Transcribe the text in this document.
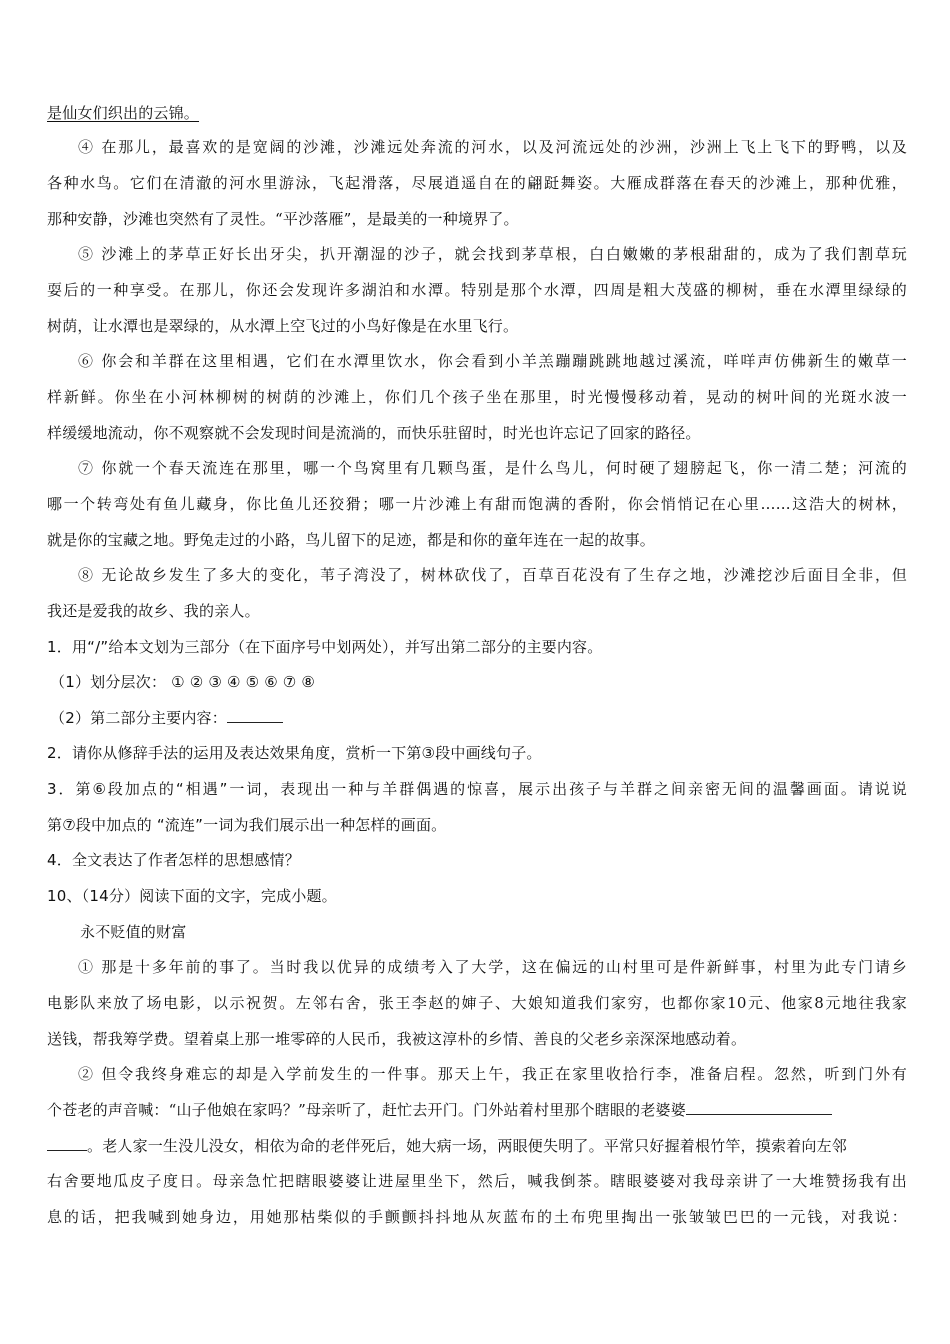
是仙女们织出的云锦。
④ 在那儿，最喜欢的是宽阔的沙滩，沙滩远处奔流的河水，以及河流远处的沙洲，沙洲上飞上飞下的野鸭，以及
各种水鸟。它们在清澈的河水里游泳，飞起滑落，尽展逍遥自在的翩跹舞姿。大雁成群落在春天的沙滩上，那种优雅，
那种安静，沙滩也突然有了灵性。“平沙落雁”，是最美的一种境界了。
⑤ 沙滩上的茅草正好长出牙尖，扒开潮湿的沙子，就会找到茅草根，白白嫩嫩的茅根甜甜的，成为了我们割草玩
耍后的一种享受。在那儿，你还会发现许多湖泊和水潭。特别是那个水潭，四周是粗大茂盛的柳树，垂在水潭里绿绿的
树荫，让水潭也是翠绿的，从水潭上空飞过的小鸟好像是在水里飞行。
⑥ 你会和羊群在这里相遇，它们在水潭里饮水，你会看到小羊羔蹦蹦跳跳地越过溪流，咩咩声仿佛新生的嫩草一
样新鲜。你坐在小河林柳树的树荫的沙滩上，你们几个孩子坐在那里，时光慢慢移动着，晃动的树叶间的光斑水波一
样缓缓地流动，你不观察就不会发现时间是流淌的，而快乐驻留时，时光也许忘记了回家的路径。
⑦ 你就一个春天流连在那里，哪一个鸟窝里有几颗鸟蛋，是什么鸟儿，何时硬了翅膀起飞，你一清二楚；河流的
哪一个转弯处有鱼儿藏身，你比鱼儿还狡猾；哪一片沙滩上有甜而饱满的香附，你会悄悄记在心里……这浩大的树林，
就是你的宝藏之地。野兔走过的小路，鸟儿留下的足迹，都是和你的童年连在一起的故事。
⑧ 无论故乡发生了多大的变化，苇子湾没了，树林砍伐了，百草百花没有了生存之地，沙滩挖沙后面目全非，但
我还是爱我的故乡、我的亲人。
1．用“/”给本文划为三部分（在下面序号中划两处），并写出第二部分的主要内容。
（1）划分层次： ① ② ③ ④ ⑤ ⑥ ⑦ ⑧
（2）第二部分主要内容：
2．请你从修辞手法的运用及表达效果角度，赏析一下第③段中画线句子。
3．第⑥段加点的“相遇”一词，表现出一种与羊群偶遇的惊喜，展示出孩子与羊群之间亲密无间的温馨画面。请说说
第⑦段中加点的 “流连”一词为我们展示出一种怎样的画面。
4．全文表达了作者怎样的思想感情？
10、（14分）阅读下面的文字，完成小题。
永不贬值的财富
① 那是十多年前的事了。当时我以优异的成绩考入了大学，这在偏远的山村里可是件新鲜事，村里为此专门请乡
电影队来放了场电影，以示祝贺。左邻右舍，张王李赵的婶子、大娘知道我们家穷，也都你家10元、他家8元地往我家
送钱，帮我筹学费。望着桌上那一堆零碎的人民币，我被这淳朴的乡情、善良的父老乡亲深深地感动着。
② 但令我终身难忘的却是入学前发生的一件事。那天上午，我正在家里收拾行李，准备启程。忽然，听到门外有
个苍老的声音喊：“山子他娘在家吗？”母亲听了，赶忙去开门。门外站着村里那个瞎眼的老婆婆
。老人家一生没儿没女，相依为命的老伴死后，她大病一场，两眼便失明了。平常只好握着根竹竿，摸索着向左邻
右舍要地瓜皮子度日。母亲急忙把瞎眼婆婆让进屋里坐下，然后，喊我倒茶。瞎眼婆婆对我母亲讲了一大堆赞扬我有出
息的话，把我喊到她身边，用她那枯柴似的手颤颤抖抖地从灰蓝布的土布兜里掏出一张皱皱巴巴的一元钱，对我说：
